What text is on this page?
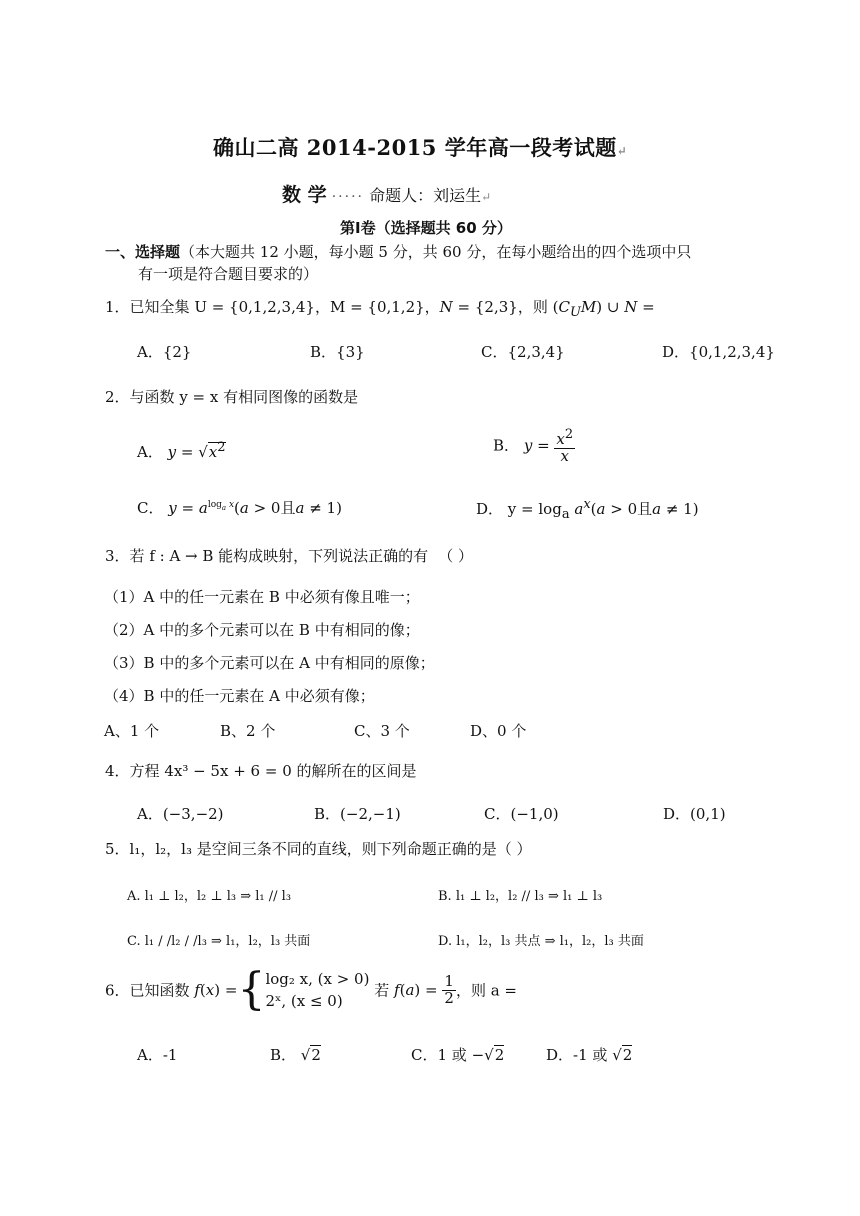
确山二高 2014-2015 学年高一段考试题↵
数 学 ····· 命题人：刘运生↵
第Ⅰ卷（选择题共 60 分）
一、选择题（本大题共 12 小题，每小题 5 分，共 60 分，在每小题给出的四个选项中只
有一项是符合题目要求的）
1．已知全集 U = {0,1,2,3,4}，M = {0,1,2}，N = {2,3}，则 $(C_UM)$ ∪ N =
A．{2}	B．{3}	C．{2,3,4}	D．{0,1,2,3,4}
2．与函数 y = x 有相同图像的函数是
A． $y = √x^2$	B． $y = \frac{x^2}{x}$
C． $y = a^{log_a x}(a > 0$且a ≠ 1)	D． $y = \log_a a^x(a > 0$且a ≠ 1)
3．若 f : A → B 能构成映射，下列说法正确的有 （ ）
（1）A 中的任一元素在 B 中必须有像且唯一；
（2）A 中的多个元素可以在 B 中有相同的像；
（3）B 中的多个元素可以在 A 中有相同的原像；
（4）B 中的任一元素在 A 中必须有像；
A、1 个	B、2 个	C、3 个	D、0 个
4．方程 4x³ − 5x + 6 = 0 的解所在的区间是
A．(−3,−2)	B．(−2,−1)	C．(−1,0)	D．(0,1)
5．l₁，l₂，l₃ 是空间三条不同的直线，则下列命题正确的是（ ）
A. l₁ ⊥ l₂，l₂ ⊥ l₃ ⇒ l₁ // l₃	B. l₁ ⊥ l₂，l₂ // l₃ ⇒ l₁ ⊥ l₃
C. l₁ / /l₂ / /l₃ ⇒ l₁，l₂，l₃ 共面	D. l₁，l₂，l₃ 共点 ⇒ l₁，l₂，l₃ 共面
6．已知函数 f(x) ={ log₂ x, (x > 0)
2ˣ, (x ≤ 0)
若 $f(a) = \frac{1}{2}$ ，则 a =
A．-1	B． √2	C．1 或 −√2	D．-1 或 √2
